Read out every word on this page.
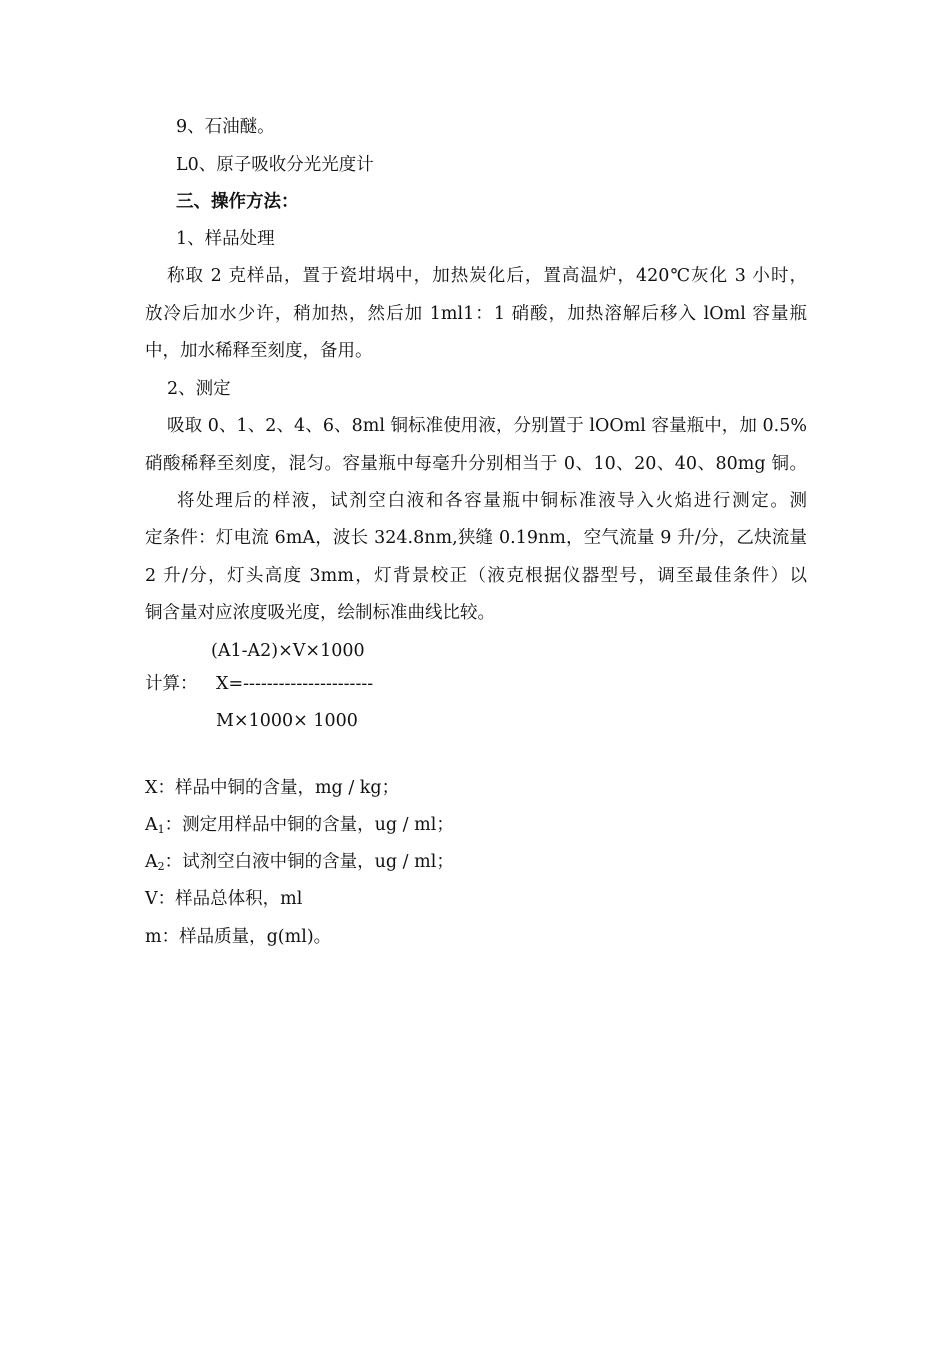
9、石油醚。
L0、原子吸收分光光度计
三、操作方法：
1、样品处理
称取 2 克样品，置于瓷坩埚中，加热炭化后，置高温炉，420℃灰化 3 小时，
放冷后加水少许，稍加热，然后加 1ml1：1 硝酸，加热溶解后移入 lOml 容量瓶
中，加水稀释至刻度，备用。
2、测定
吸取 0、1、2、4、6、8ml 铜标准使用液，分别置于 lOOml 容量瓶中，加 0.5%
硝酸稀释至刻度，混匀。容量瓶中每毫升分别相当于 0、10、20、40、80mg 铜。
将处理后的样液，试剂空白液和各容量瓶中铜标准液导入火焰进行测定。测
定条件：灯电流 6mA，波长 324.8nm,狭缝 0.19nm，空气流量 9 升/分，乙炔流量
2 升/分，灯头高度 3mm，灯背景校正（液克根据仪器型号，调至最佳条件）以
铜含量对应浓度吸光度，绘制标准曲线比较。
(A1-A2)×V×1000
计算： X=----------------------
M×1000× 1000
X：样品中铜的含量，mg / kg；
$A_1$：测定用样品中铜的含量，ug / ml；
$A_2$：试剂空白液中铜的含量，ug / ml；
V：样品总体积，ml
m：样品质量，g(ml)。
